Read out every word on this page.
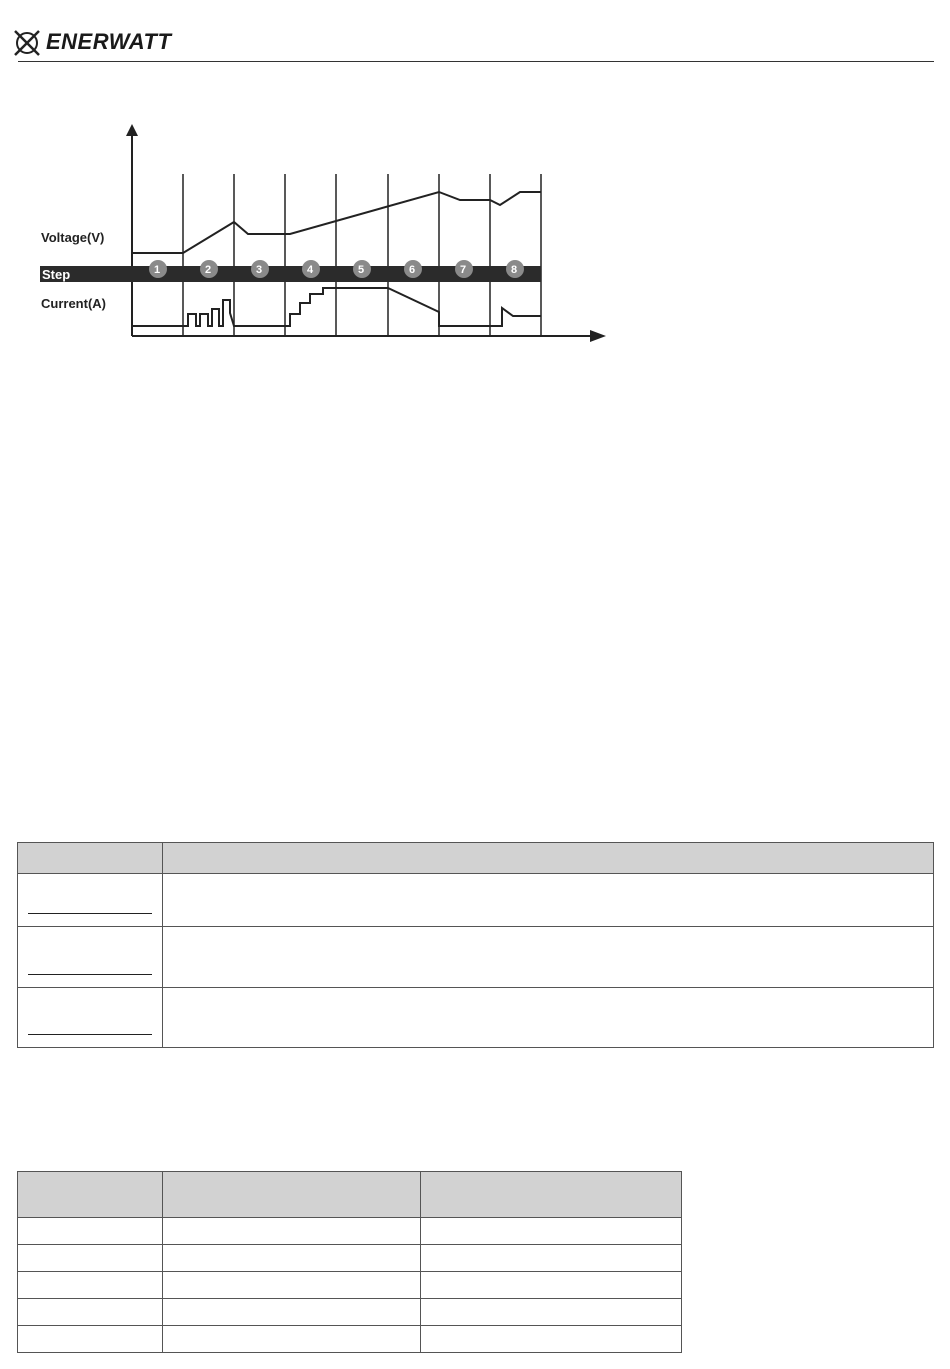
ENERWATT
Voltage(V)
Step
Current(A)
1	2	3	4	5	6	7	8
